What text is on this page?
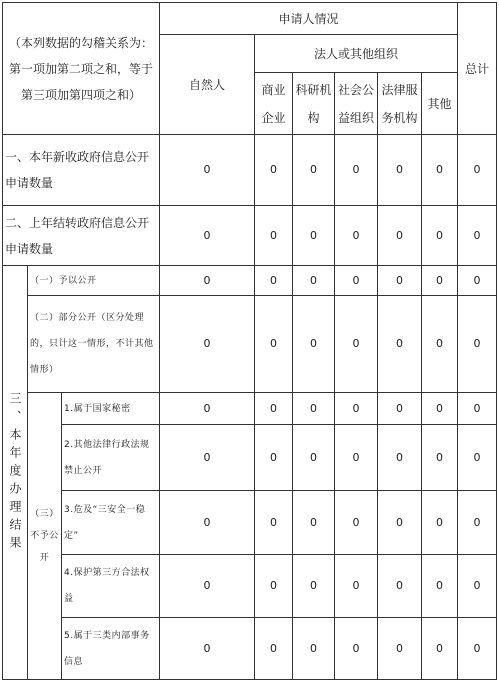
（本列数据的勾稽关系为：第一项加第二项之和，等于第三项加第四项之和）			申请人情况						总计
			自然人	法人或其他组织					
				商业企业	科研机构	社会公益组织	法律服务机构	其他	
一、本年新收政府信息公开申请数量			0	0	0	0	0	0	0
二、上年结转政府信息公开申请数量			0	0	0	0	0	0	0
三、本年度办理结果	（一）予以公开		0	0	0	0	0	0	0
	（二）部分公开（区分处理的，只计这一情形，不计其他情形）		0	0	0	0	0	0	0
	（三）不予公开	1.属于国家秘密	0	0	0	0	0	0	0
		2.其他法律行政法规禁止公开	0	0	0	0	0	0	0
		3.危及“三安全一稳定”	0	0	0	0	0	0	0
		4.保护第三方合法权益	0	0	0	0	0	0	0
		5.属于三类内部事务信息	0	0	0	0	0	0	0
